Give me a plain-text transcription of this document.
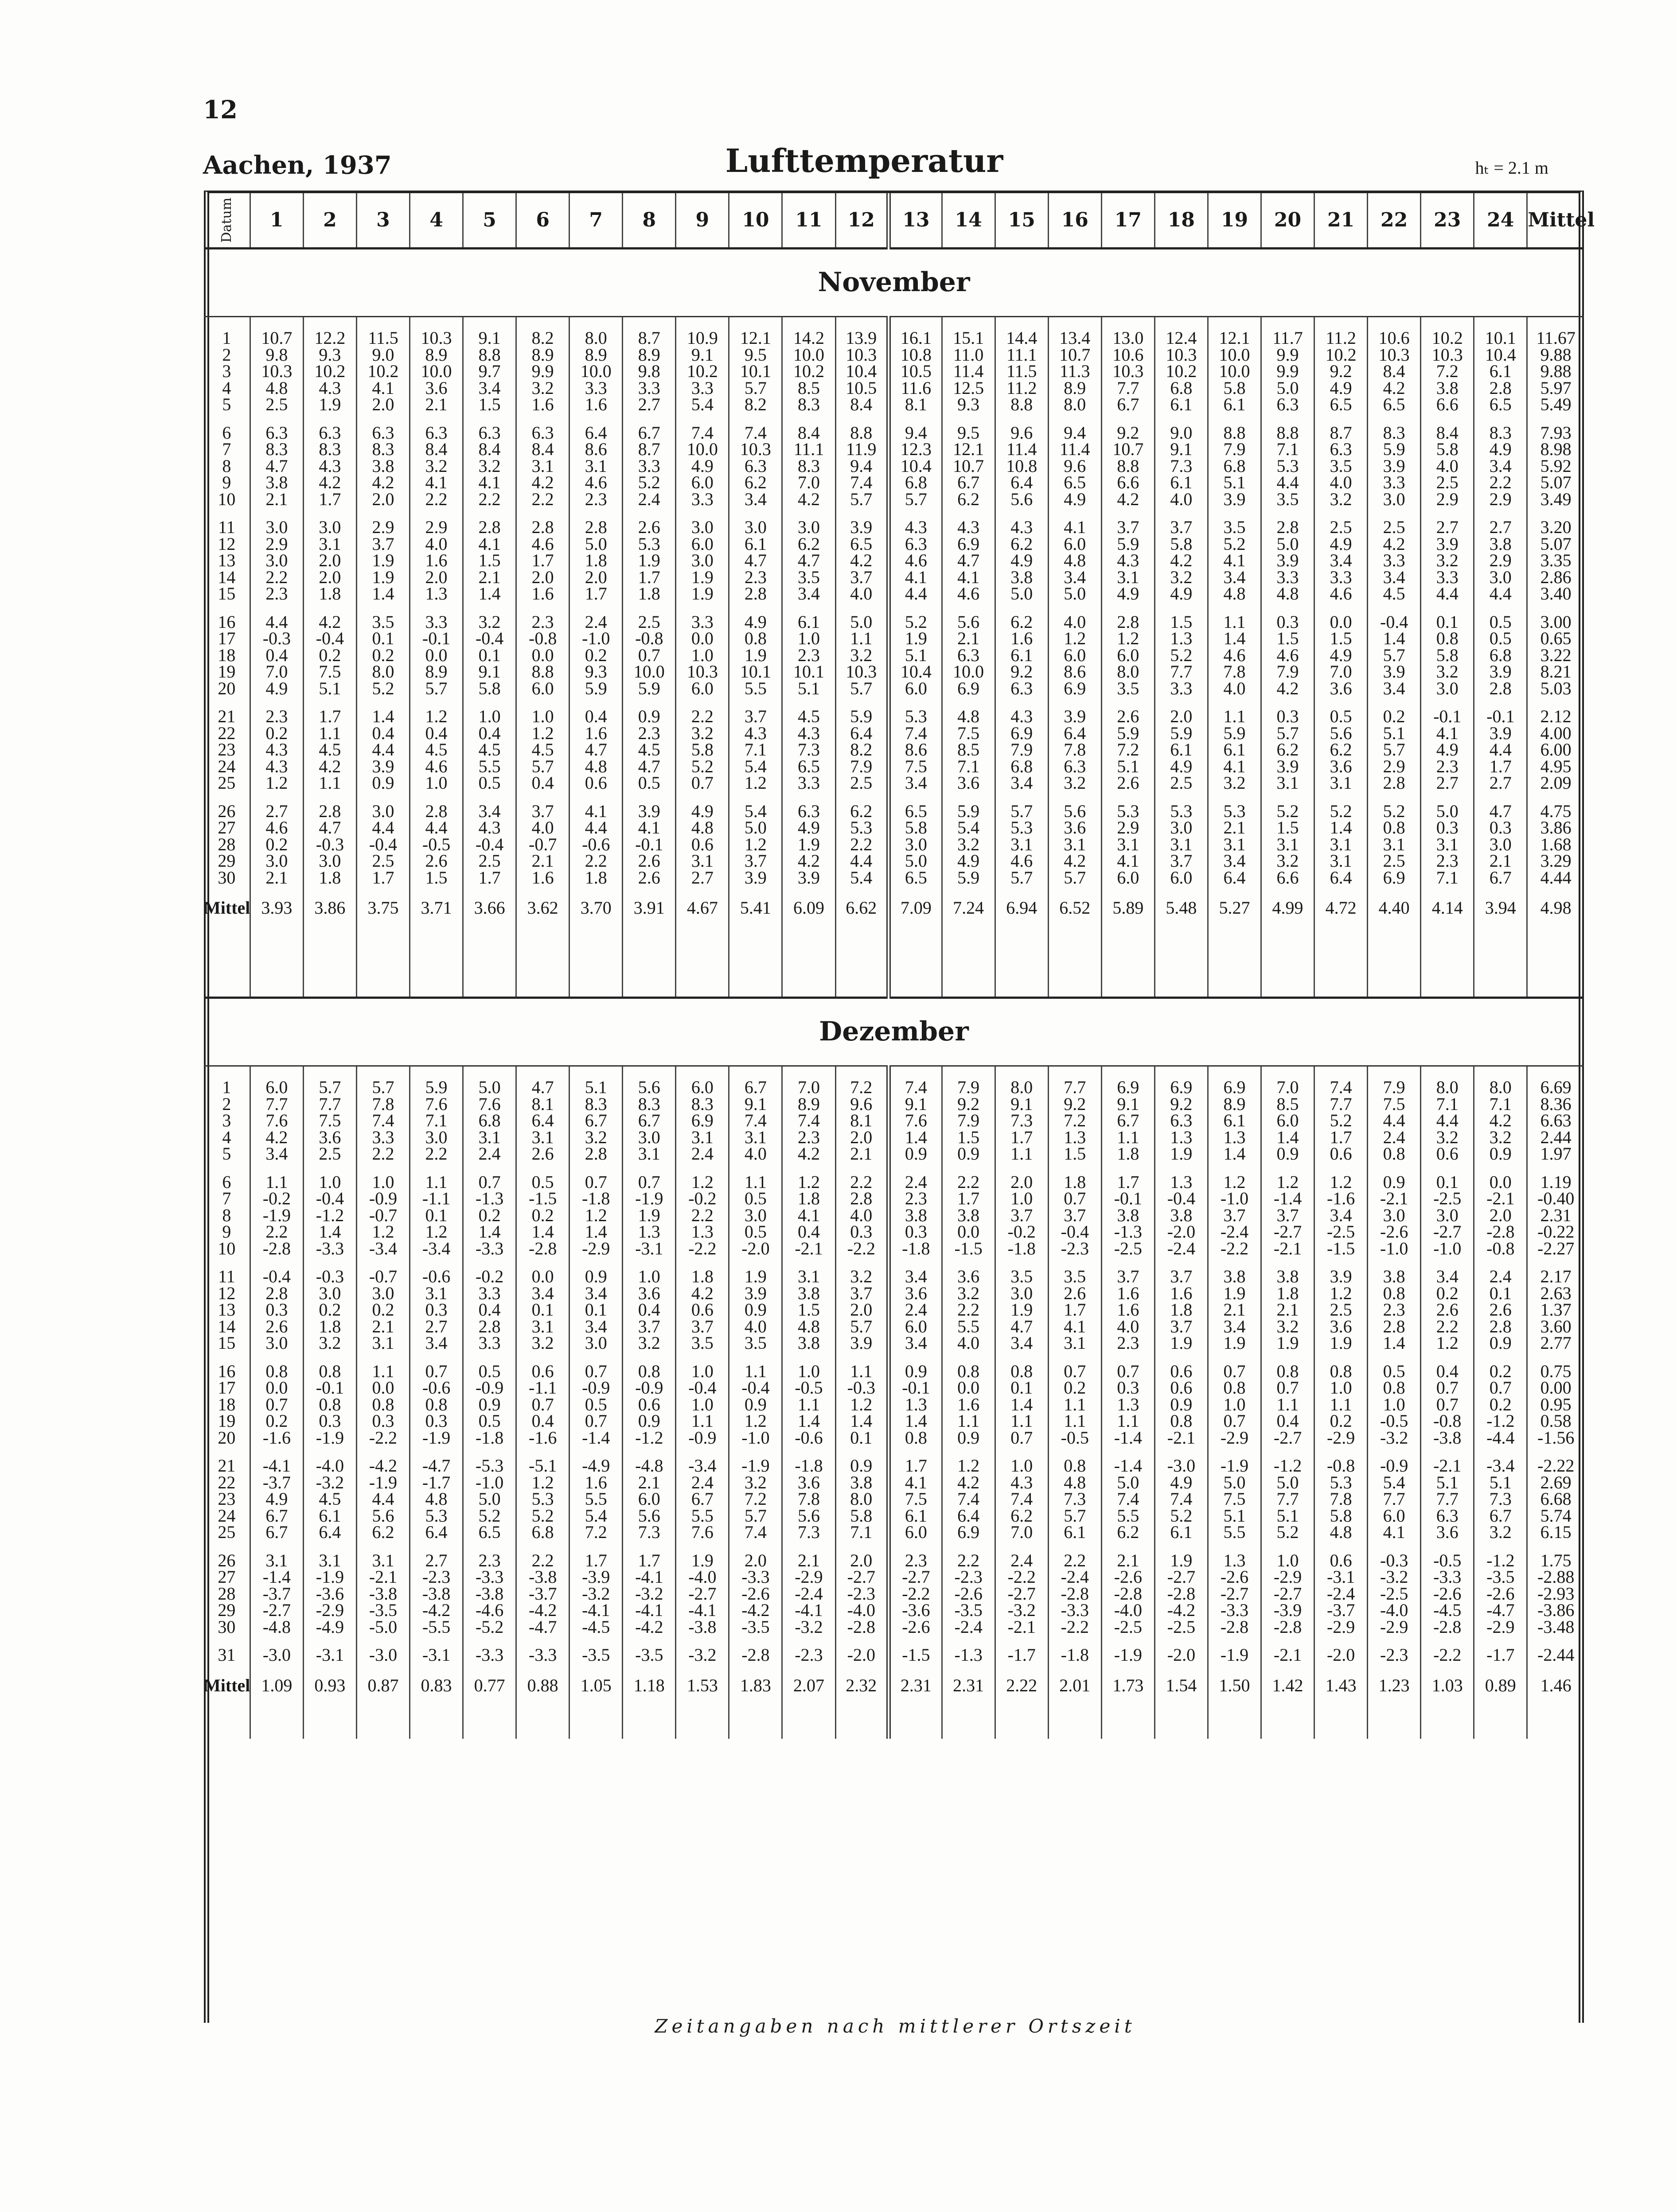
12
Aachen, 1937	Lufttemperatur	hₜ = 2.1 m
Datum	1	2	3	4	5	6	7	8	9	10	11	12	13	14	15	16	17	18	19	20	21	22	23	24	Mittel
November																									

1	10.7	12.2	11.5	10.3	9.1	8.2	8.0	8.7	10.9	12.1	14.2	13.9	16.1	15.1	14.4	13.4	13.0	12.4	12.1	11.7	11.2	10.6	10.2	10.1	11.67
2	9.8	9.3	9.0	8.9	8.8	8.9	8.9	8.9	9.1	9.5	10.0	10.3	10.8	11.0	11.1	10.7	10.6	10.3	10.0	9.9	10.2	10.3	10.3	10.4	9.88
3	10.3	10.2	10.2	10.0	9.7	9.9	10.0	9.8	10.2	10.1	10.2	10.4	10.5	11.4	11.5	11.3	10.3	10.2	10.0	9.9	9.2	8.4	7.2	6.1	9.88
4	4.8	4.3	4.1	3.6	3.4	3.2	3.3	3.3	3.3	5.7	8.5	10.5	11.6	12.5	11.2	8.9	7.7	6.8	5.8	5.0	4.9	4.2	3.8	2.8	5.97
5	2.5	1.9	2.0	2.1	1.5	1.6	1.6	2.7	5.4	8.2	8.3	8.4	8.1	9.3	8.8	8.0	6.7	6.1	6.1	6.3	6.5	6.5	6.6	6.5	5.49

6	6.3	6.3	6.3	6.3	6.3	6.3	6.4	6.7	7.4	7.4	8.4	8.8	9.4	9.5	9.6	9.4	9.2	9.0	8.8	8.8	8.7	8.3	8.4	8.3	7.93
7	8.3	8.3	8.3	8.4	8.4	8.4	8.6	8.7	10.0	10.3	11.1	11.9	12.3	12.1	11.4	11.4	10.7	9.1	7.9	7.1	6.3	5.9	5.8	4.9	8.98
8	4.7	4.3	3.8	3.2	3.2	3.1	3.1	3.3	4.9	6.3	8.3	9.4	10.4	10.7	10.8	9.6	8.8	7.3	6.8	5.3	3.5	3.9	4.0	3.4	5.92
9	3.8	4.2	4.2	4.1	4.1	4.2	4.6	5.2	6.0	6.2	7.0	7.4	6.8	6.7	6.4	6.5	6.6	6.1	5.1	4.4	4.0	3.3	2.5	2.2	5.07
10	2.1	1.7	2.0	2.2	2.2	2.2	2.3	2.4	3.3	3.4	4.2	5.7	5.7	6.2	5.6	4.9	4.2	4.0	3.9	3.5	3.2	3.0	2.9	2.9	3.49

11	3.0	3.0	2.9	2.9	2.8	2.8	2.8	2.6	3.0	3.0	3.0	3.9	4.3	4.3	4.3	4.1	3.7	3.7	3.5	2.8	2.5	2.5	2.7	2.7	3.20
12	2.9	3.1	3.7	4.0	4.1	4.6	5.0	5.3	6.0	6.1	6.2	6.5	6.3	6.9	6.2	6.0	5.9	5.8	5.2	5.0	4.9	4.2	3.9	3.8	5.07
13	3.0	2.0	1.9	1.6	1.5	1.7	1.8	1.9	3.0	4.7	4.7	4.2	4.6	4.7	4.9	4.8	4.3	4.2	4.1	3.9	3.4	3.3	3.2	2.9	3.35
14	2.2	2.0	1.9	2.0	2.1	2.0	2.0	1.7	1.9	2.3	3.5	3.7	4.1	4.1	3.8	3.4	3.1	3.2	3.4	3.3	3.3	3.4	3.3	3.0	2.86
15	2.3	1.8	1.4	1.3	1.4	1.6	1.7	1.8	1.9	2.8	3.4	4.0	4.4	4.6	5.0	5.0	4.9	4.9	4.8	4.8	4.6	4.5	4.4	4.4	3.40

16	4.4	4.2	3.5	3.3	3.2	2.3	2.4	2.5	3.3	4.9	6.1	5.0	5.2	5.6	6.2	4.0	2.8	1.5	1.1	0.3	0.0	-0.4	0.1	0.5	3.00
17	-0.3	-0.4	0.1	-0.1	-0.4	-0.8	-1.0	-0.8	0.0	0.8	1.0	1.1	1.9	2.1	1.6	1.2	1.2	1.3	1.4	1.5	1.5	1.4	0.8	0.5	0.65
18	0.4	0.2	0.2	0.0	0.1	0.0	0.2	0.7	1.0	1.9	2.3	3.2	5.1	6.3	6.1	6.0	6.0	5.2	4.6	4.6	4.9	5.7	5.8	6.8	3.22
19	7.0	7.5	8.0	8.9	9.1	8.8	9.3	10.0	10.3	10.1	10.1	10.3	10.4	10.0	9.2	8.6	8.0	7.7	7.8	7.9	7.0	3.9	3.2	3.9	8.21
20	4.9	5.1	5.2	5.7	5.8	6.0	5.9	5.9	6.0	5.5	5.1	5.7	6.0	6.9	6.3	6.9	3.5	3.3	4.0	4.2	3.6	3.4	3.0	2.8	5.03

21	2.3	1.7	1.4	1.2	1.0	1.0	0.4	0.9	2.2	3.7	4.5	5.9	5.3	4.8	4.3	3.9	2.6	2.0	1.1	0.3	0.5	0.2	-0.1	-0.1	2.12
22	0.2	1.1	0.4	0.4	0.4	1.2	1.6	2.3	3.2	4.3	4.3	6.4	7.4	7.5	6.9	6.4	5.9	5.9	5.9	5.7	5.6	5.1	4.1	3.9	4.00
23	4.3	4.5	4.4	4.5	4.5	4.5	4.7	4.5	5.8	7.1	7.3	8.2	8.6	8.5	7.9	7.8	7.2	6.1	6.1	6.2	6.2	5.7	4.9	4.4	6.00
24	4.3	4.2	3.9	4.6	5.5	5.7	4.8	4.7	5.2	5.4	6.5	7.9	7.5	7.1	6.8	6.3	5.1	4.9	4.1	3.9	3.6	2.9	2.3	1.7	4.95
25	1.2	1.1	0.9	1.0	0.5	0.4	0.6	0.5	0.7	1.2	3.3	2.5	3.4	3.6	3.4	3.2	2.6	2.5	3.2	3.1	3.1	2.8	2.7	2.7	2.09

26	2.7	2.8	3.0	2.8	3.4	3.7	4.1	3.9	4.9	5.4	6.3	6.2	6.5	5.9	5.7	5.6	5.3	5.3	5.3	5.2	5.2	5.2	5.0	4.7	4.75
27	4.6	4.7	4.4	4.4	4.3	4.0	4.4	4.1	4.8	5.0	4.9	5.3	5.8	5.4	5.3	3.6	2.9	3.0	2.1	1.5	1.4	0.8	0.3	0.3	3.86
28	0.2	-0.3	-0.4	-0.5	-0.4	-0.7	-0.6	-0.1	0.6	1.2	1.9	2.2	3.0	3.2	3.1	3.1	3.1	3.1	3.1	3.1	3.1	3.1	3.1	3.0	1.68
29	3.0	3.0	2.5	2.6	2.5	2.1	2.2	2.6	3.1	3.7	4.2	4.4	5.0	4.9	4.6	4.2	4.1	3.7	3.4	3.2	3.1	2.5	2.3	2.1	3.29
30	2.1	1.8	1.7	1.5	1.7	1.6	1.8	2.6	2.7	3.9	3.9	5.4	6.5	5.9	5.7	5.7	6.0	6.0	6.4	6.6	6.4	6.9	7.1	6.7	4.44
Mittel	3.93	3.86	3.75	3.71	3.66	3.62	3.70	3.91	4.67	5.41	6.09	6.62	7.09	7.24	6.94	6.52	5.89	5.48	5.27	4.99	4.72	4.40	4.14	3.94	4.98

Dezember																									

1	6.0	5.7	5.7	5.9	5.0	4.7	5.1	5.6	6.0	6.7	7.0	7.2	7.4	7.9	8.0	7.7	6.9	6.9	6.9	7.0	7.4	7.9	8.0	8.0	6.69
2	7.7	7.7	7.8	7.6	7.6	8.1	8.3	8.3	8.3	9.1	8.9	9.6	9.1	9.2	9.1	9.2	9.1	9.2	8.9	8.5	7.7	7.5	7.1	7.1	8.36
3	7.6	7.5	7.4	7.1	6.8	6.4	6.7	6.7	6.9	7.4	7.4	8.1	7.6	7.9	7.3	7.2	6.7	6.3	6.1	6.0	5.2	4.4	4.4	4.2	6.63
4	4.2	3.6	3.3	3.0	3.1	3.1	3.2	3.0	3.1	3.1	2.3	2.0	1.4	1.5	1.7	1.3	1.1	1.3	1.3	1.4	1.7	2.4	3.2	3.2	2.44
5	3.4	2.5	2.2	2.2	2.4	2.6	2.8	3.1	2.4	4.0	4.2	2.1	0.9	0.9	1.1	1.5	1.8	1.9	1.4	0.9	0.6	0.8	0.6	0.9	1.97

6	1.1	1.0	1.0	1.1	0.7	0.5	0.7	0.7	1.2	1.1	1.2	2.2	2.4	2.2	2.0	1.8	1.7	1.3	1.2	1.2	1.2	0.9	0.1	0.0	1.19
7	-0.2	-0.4	-0.9	-1.1	-1.3	-1.5	-1.8	-1.9	-0.2	0.5	1.8	2.8	2.3	1.7	1.0	0.7	-0.1	-0.4	-1.0	-1.4	-1.6	-2.1	-2.5	-2.1	-0.40
8	-1.9	-1.2	-0.7	0.1	0.2	0.2	1.2	1.9	2.2	3.0	4.1	4.0	3.8	3.8	3.7	3.7	3.8	3.8	3.7	3.7	3.4	3.0	3.0	2.0	2.31
9	2.2	1.4	1.2	1.2	1.4	1.4	1.4	1.3	1.3	0.5	0.4	0.3	0.3	0.0	-0.2	-0.4	-1.3	-2.0	-2.4	-2.7	-2.5	-2.6	-2.7	-2.8	-0.22
10	-2.8	-3.3	-3.4	-3.4	-3.3	-2.8	-2.9	-3.1	-2.2	-2.0	-2.1	-2.2	-1.8	-1.5	-1.8	-2.3	-2.5	-2.4	-2.2	-2.1	-1.5	-1.0	-1.0	-0.8	-2.27

11	-0.4	-0.3	-0.7	-0.6	-0.2	0.0	0.9	1.0	1.8	1.9	3.1	3.2	3.4	3.6	3.5	3.5	3.7	3.7	3.8	3.8	3.9	3.8	3.4	2.4	2.17
12	2.8	3.0	3.0	3.1	3.3	3.4	3.4	3.6	4.2	3.9	3.8	3.7	3.6	3.2	3.0	2.6	1.6	1.6	1.9	1.8	1.2	0.8	0.2	0.1	2.63
13	0.3	0.2	0.2	0.3	0.4	0.1	0.1	0.4	0.6	0.9	1.5	2.0	2.4	2.2	1.9	1.7	1.6	1.8	2.1	2.1	2.5	2.3	2.6	2.6	1.37
14	2.6	1.8	2.1	2.7	2.8	3.1	3.4	3.7	3.7	4.0	4.8	5.7	6.0	5.5	4.7	4.1	4.0	3.7	3.4	3.2	3.6	2.8	2.2	2.8	3.60
15	3.0	3.2	3.1	3.4	3.3	3.2	3.0	3.2	3.5	3.5	3.8	3.9	3.4	4.0	3.4	3.1	2.3	1.9	1.9	1.9	1.9	1.4	1.2	0.9	2.77

16	0.8	0.8	1.1	0.7	0.5	0.6	0.7	0.8	1.0	1.1	1.0	1.1	0.9	0.8	0.8	0.7	0.7	0.6	0.7	0.8	0.8	0.5	0.4	0.2	0.75
17	0.0	-0.1	0.0	-0.6	-0.9	-1.1	-0.9	-0.9	-0.4	-0.4	-0.5	-0.3	-0.1	0.0	0.1	0.2	0.3	0.6	0.8	0.7	1.0	0.8	0.7	0.7	0.00
18	0.7	0.8	0.8	0.8	0.9	0.7	0.5	0.6	1.0	0.9	1.1	1.2	1.3	1.6	1.4	1.1	1.3	0.9	1.0	1.1	1.1	1.0	0.7	0.2	0.95
19	0.2	0.3	0.3	0.3	0.5	0.4	0.7	0.9	1.1	1.2	1.4	1.4	1.4	1.1	1.1	1.1	1.1	0.8	0.7	0.4	0.2	-0.5	-0.8	-1.2	0.58
20	-1.6	-1.9	-2.2	-1.9	-1.8	-1.6	-1.4	-1.2	-0.9	-1.0	-0.6	0.1	0.8	0.9	0.7	-0.5	-1.4	-2.1	-2.9	-2.7	-2.9	-3.2	-3.8	-4.4	-1.56

21	-4.1	-4.0	-4.2	-4.7	-5.3	-5.1	-4.9	-4.8	-3.4	-1.9	-1.8	0.9	1.7	1.2	1.0	0.8	-1.4	-3.0	-1.9	-1.2	-0.8	-0.9	-2.1	-3.4	-2.22
22	-3.7	-3.2	-1.9	-1.7	-1.0	1.2	1.6	2.1	2.4	3.2	3.6	3.8	4.1	4.2	4.3	4.8	5.0	4.9	5.0	5.0	5.3	5.4	5.1	5.1	2.69
23	4.9	4.5	4.4	4.8	5.0	5.3	5.5	6.0	6.7	7.2	7.8	8.0	7.5	7.4	7.4	7.3	7.4	7.4	7.5	7.7	7.8	7.7	7.7	7.3	6.68
24	6.7	6.1	5.6	5.3	5.2	5.2	5.4	5.6	5.5	5.7	5.6	5.8	6.1	6.4	6.2	5.7	5.5	5.2	5.1	5.1	5.8	6.0	6.3	6.7	5.74
25	6.7	6.4	6.2	6.4	6.5	6.8	7.2	7.3	7.6	7.4	7.3	7.1	6.0	6.9	7.0	6.1	6.2	6.1	5.5	5.2	4.8	4.1	3.6	3.2	6.15

26	3.1	3.1	3.1	2.7	2.3	2.2	1.7	1.7	1.9	2.0	2.1	2.0	2.3	2.2	2.4	2.2	2.1	1.9	1.3	1.0	0.6	-0.3	-0.5	-1.2	1.75
27	-1.4	-1.9	-2.1	-2.3	-3.3	-3.8	-3.9	-4.1	-4.0	-3.3	-2.9	-2.7	-2.7	-2.3	-2.2	-2.4	-2.6	-2.7	-2.6	-2.9	-3.1	-3.2	-3.3	-3.5	-2.88
28	-3.7	-3.6	-3.8	-3.8	-3.8	-3.7	-3.2	-3.2	-2.7	-2.6	-2.4	-2.3	-2.2	-2.6	-2.7	-2.8	-2.8	-2.8	-2.7	-2.7	-2.4	-2.5	-2.6	-2.6	-2.93
29	-2.7	-2.9	-3.5	-4.2	-4.6	-4.2	-4.1	-4.1	-4.1	-4.2	-4.1	-4.0	-3.6	-3.5	-3.2	-3.3	-4.0	-4.2	-3.3	-3.9	-3.7	-4.0	-4.5	-4.7	-3.86
30	-4.8	-4.9	-5.0	-5.5	-5.2	-4.7	-4.5	-4.2	-3.8	-3.5	-3.2	-2.8	-2.6	-2.4	-2.1	-2.2	-2.5	-2.5	-2.8	-2.8	-2.9	-2.9	-2.8	-2.9	-3.48

31	-3.0	-3.1	-3.0	-3.1	-3.3	-3.3	-3.5	-3.5	-3.2	-2.8	-2.3	-2.0	-1.5	-1.3	-1.7	-1.8	-1.9	-2.0	-1.9	-2.1	-2.0	-2.3	-2.2	-1.7	-2.44
Mittel	1.09	0.93	0.87	0.83	0.77	0.88	1.05	1.18	1.53	1.83	2.07	2.32	2.31	2.31	2.22	2.01	1.73	1.54	1.50	1.42	1.43	1.23	1.03	0.89	1.46

Zeitangaben nach mittlerer Ortszeit
